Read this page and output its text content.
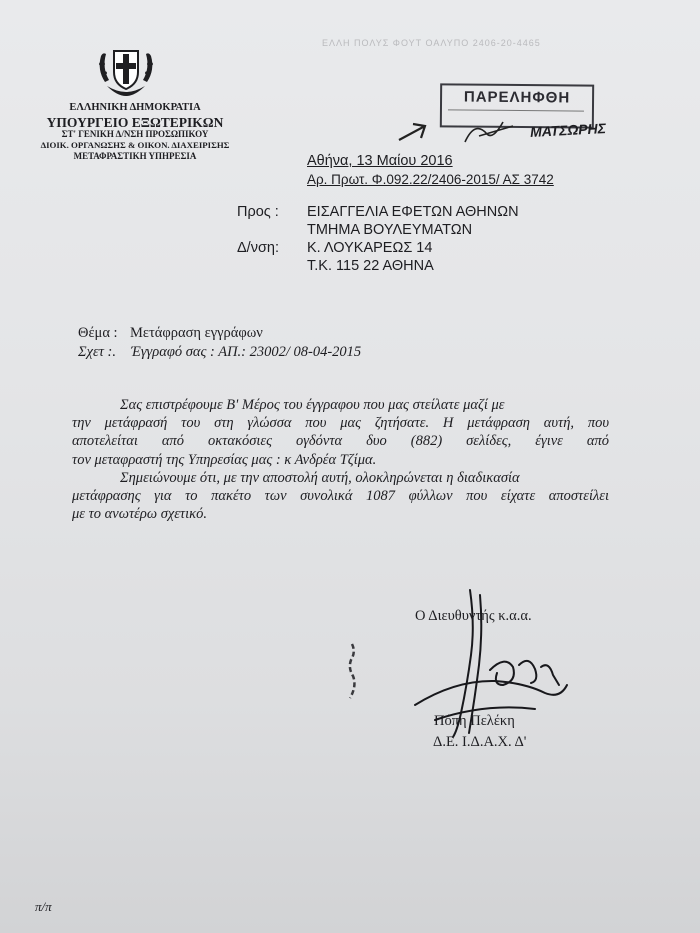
ΕΛΛΗ ΠΟΛΥΣ ΦΟΥΤ ΟΑΛΥΠΟ 2406-20-4465
ΕΛΛΗΝΙΚΗ ΔΗΜΟΚΡΑΤΙΑ
ΥΠΟΥΡΓΕΙΟ ΕΞΩΤΕΡΙΚΩΝ
ΣΤ' ΓΕΝΙΚΗ Δ/ΝΣΗ ΠΡΟΣΩΠΙΚΟΥ
ΔΙΟΙΚ. ΟΡΓΑΝΩΣΗΣ & ΟΙΚΟΝ. ΔΙΑΧΕΙΡΙΣΗΣ
ΜΕΤΑΦΡΑΣΤΙΚΗ ΥΠΗΡΕΣΙΑ
ΠΑΡΕΛΗΦΘΗ
ΜΑΤΣΩΡΗΣ
Αθήνα, 13 Μαίου 2016
Αρ. Πρωτ. Φ.092.22/2406-2015/ ΑΣ 3742
Προς : ΕΙΣΑΓΓΕΛΙΑ ΕΦΕΤΩΝ ΑΘΗΝΩΝ
ΤΜΗΜΑ ΒΟΥΛΕΥΜΑΤΩΝ
Δ/νση: Κ. ΛΟΥΚΑΡΕΩΣ 14
Τ.Κ. 115 22 ΑΘΗΝΑ
Θέμα : Μετάφραση εγγράφων
Σχετ :. Έγγραφό σας : ΑΠ.: 23002/ 08-04-2015
Σας επιστρέφουμε Β' Μέρος του έγγραφου που μας στείλατε μαζί με
την μετάφρασή του στη γλώσσα που μας ζητήσατε. Η μετάφραση αυτή, που
αποτελείται από οκτακόσιες ογδόντα δυο (882) σελίδες, έγινε από
τον μεταφραστή της Υπηρεσίας μας : κ Ανδρέα Τζίμα.
Σημειώνουμε ότι, με την αποστολή αυτή, ολοκληρώνεται η διαδικασία
μετάφρασης για το πακέτο των συνολικά 1087 φύλλων που είχατε αποστείλει
με το ανωτέρω σχετικό.
Ο Διευθυντής κ.α.α.
Πόπη Πελέκη
Δ.Ε. Ι.Δ.Α.Χ. Δ'
π/π
